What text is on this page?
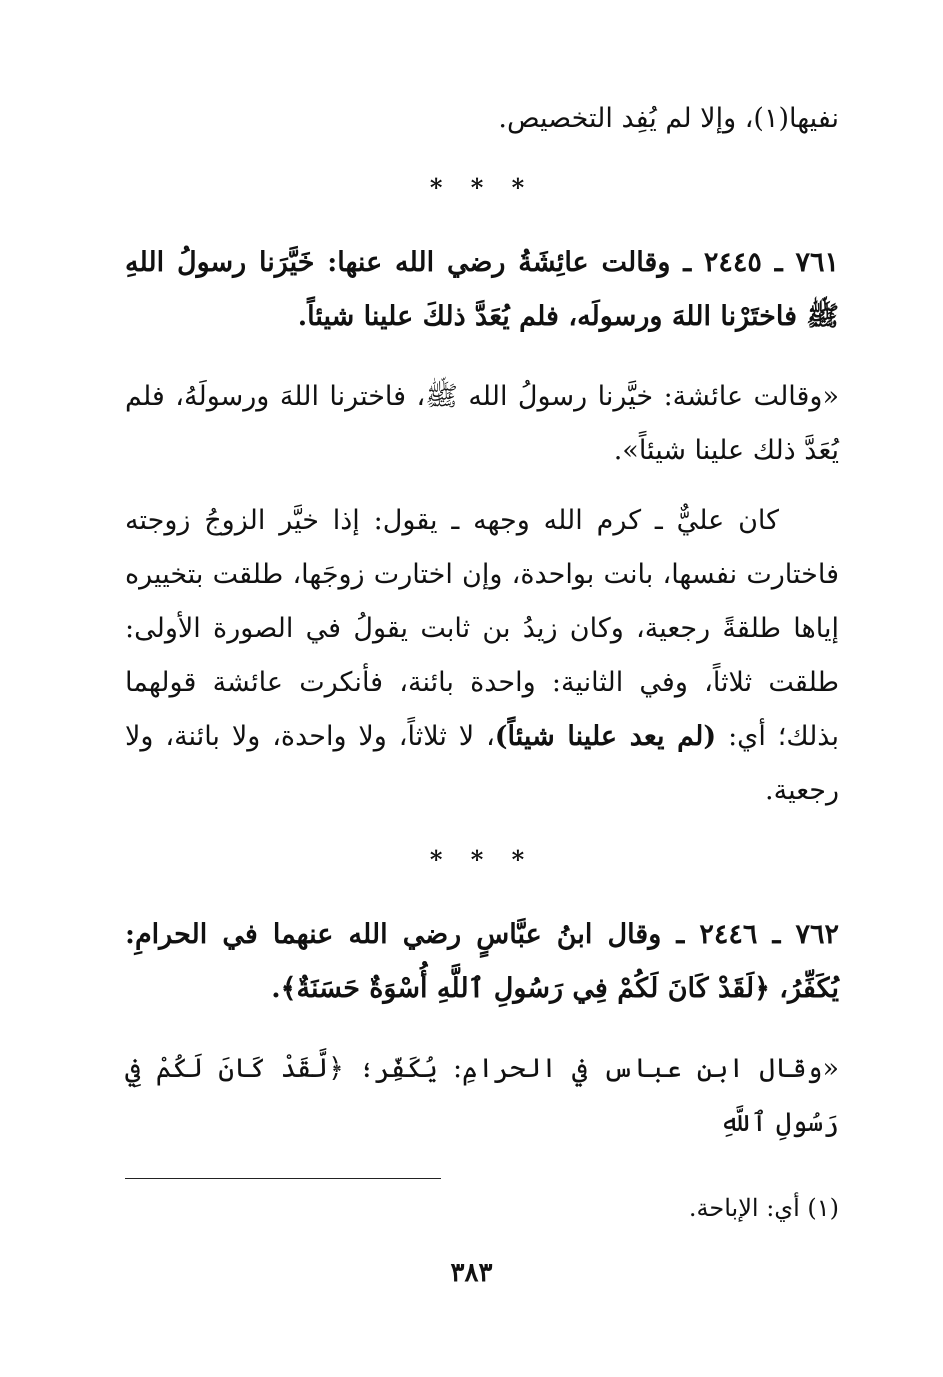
نفيها(١)، وإلا لم يُفِد التخصيص.

* * *

٧٦١ ـ ٢٤٤٥ ـ وقالت عائِشَةُ رضي الله عنها: خَيَّرَنا رسولُ اللهِ ﷺ فاختَرْنا اللهَ ورسولَه، فلم يُعَدَّ ذلكَ علينا شيئاً.

«وقالت عائشة: خيَّرنا رسولُ الله ﷺ، فاخترنا اللهَ ورسولَهُ، فلم يُعَدَّ ذلك علينا شيئاً».

كان عليٌّ ـ كرم الله وجهه ـ يقول: إذا خيَّر الزوجُ زوجته فاختارت نفسها، بانت بواحدة، وإن اختارت زوجَها، طلقت بتخييره إياها طلقةً رجعية، وكان زيدُ بن ثابت يقولُ في الصورة الأولى: طلقت ثلاثاً، وفي الثانية: واحدة بائنة، فأنكرت عائشة قولهما بذلك؛ أي: (لم يعد علينا شيئاً)، لا ثلاثاً، ولا واحدة، ولا بائنة، ولا رجعية.

* * *

٧٦٢ ـ ٢٤٤٦ ـ وقال ابنُ عبَّاسٍ رضي الله عنهما في الحرامِ: يُكَفِّرُ، ﴿لَقَدْ كَانَ لَكُمْ فِي رَسُولِ ٱللَّهِ أُسْوَةٌ حَسَنَةٌ﴾.

«وقال ابن عباس في الحرامِ: يُكَفِّر؛ ﴿لَّقَدْ كَانَ لَكُمْ فِي رَسُولِ ٱللَّهِ

(١) أي: الإباحة.
٣٨٣
